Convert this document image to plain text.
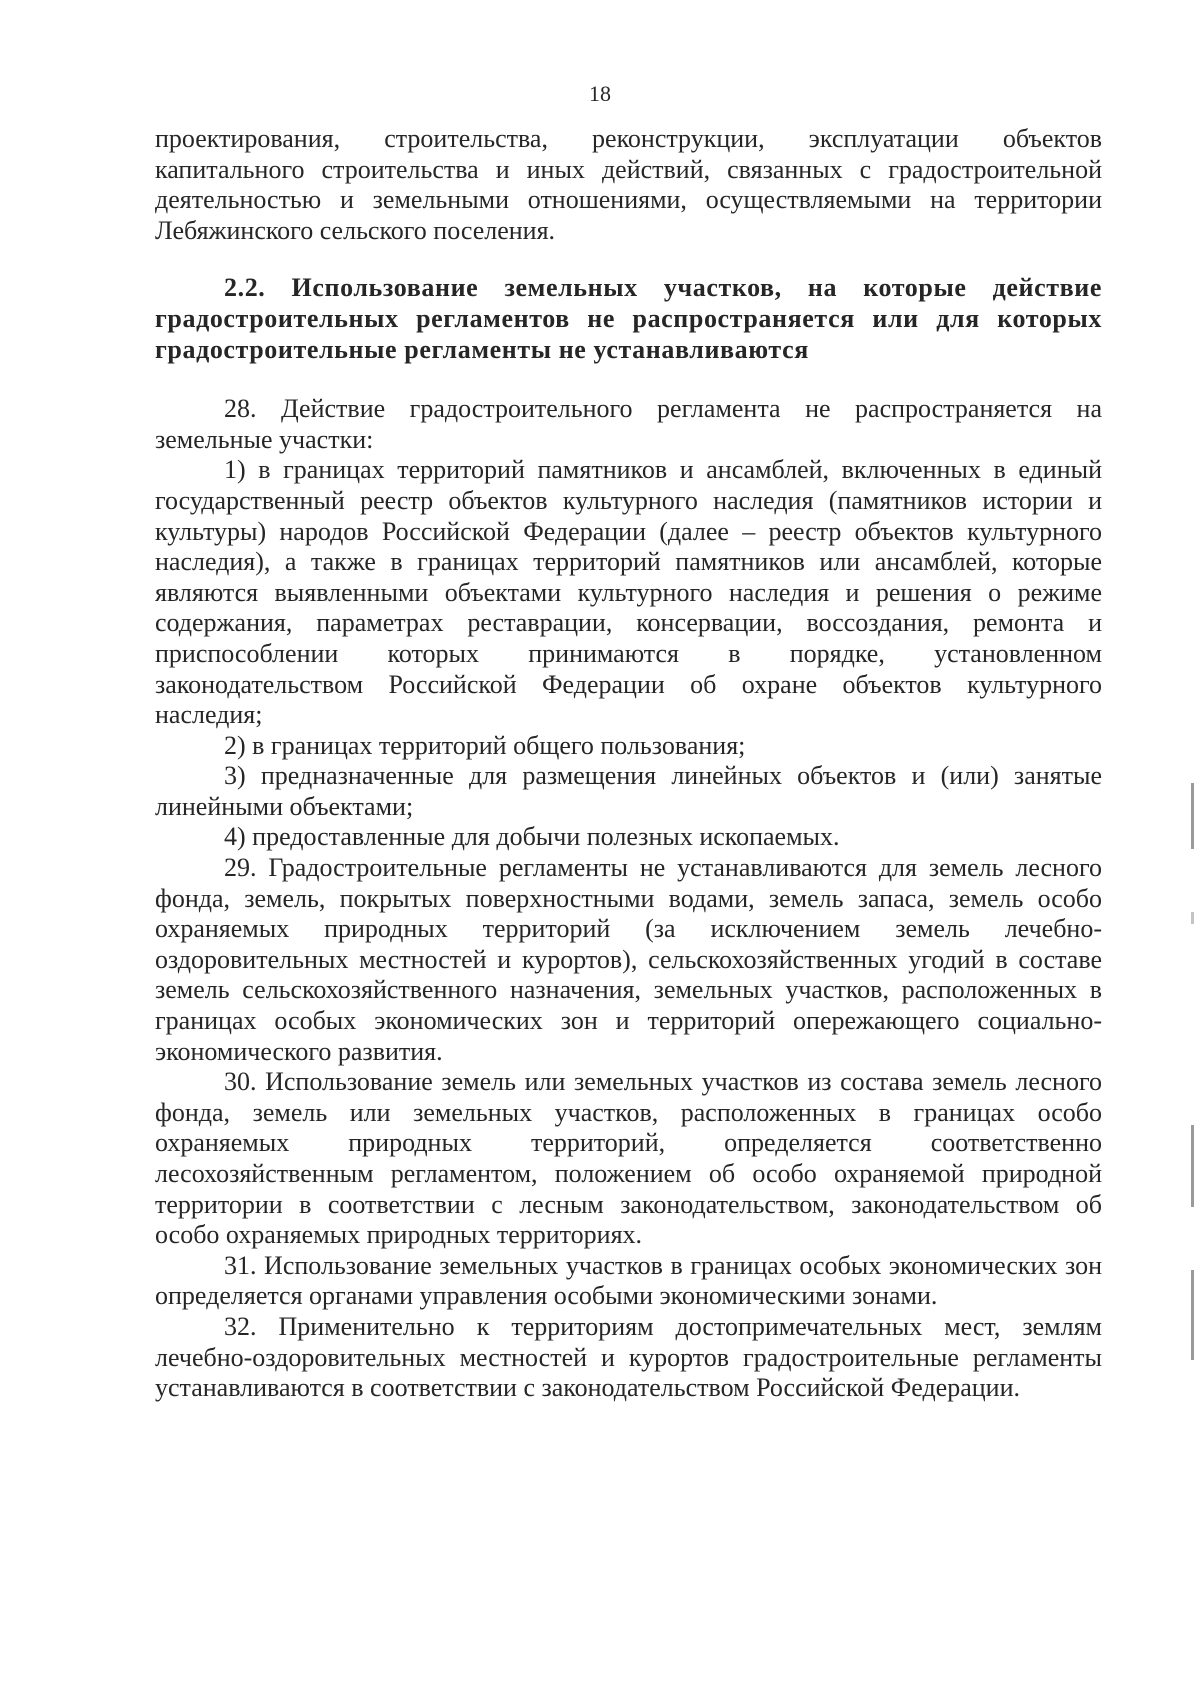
18

проектирования, строительства, реконструкции, эксплуатации объектов капитального строительства и иных действий, связанных с градостроительной деятельностью и земельными отношениями, осуществляемыми на территории Лебяжинского сельского поселения.

2.2. Использование земельных участков, на которые действие градостроительных регламентов не распространяется или для которых градостроительные регламенты не устанавливаются

28. Действие градостроительного регламента не распространяется на земельные участки:

1) в границах территорий памятников и ансамблей, включенных в единый государственный реестр объектов культурного наследия (памятников истории и культуры) народов Российской Федерации (далее – реестр объектов культурного наследия), а также в границах территорий памятников или ансамблей, которые являются выявленными объектами культурного наследия и решения о режиме содержания, параметрах реставрации, консервации, воссоздания, ремонта и приспособлении которых принимаются в порядке, установленном законодательством Российской Федерации об охране объектов культурного наследия;

2) в границах территорий общего пользования;

3) предназначенные для размещения линейных объектов и (или) занятые линейными объектами;

4) предоставленные для добычи полезных ископаемых.

29. Градостроительные регламенты не устанавливаются для земель лесного фонда, земель, покрытых поверхностными водами, земель запаса, земель особо охраняемых природных территорий (за исключением земель лечебно-оздоровительных местностей и курортов), сельскохозяйственных угодий в составе земель сельскохозяйственного назначения, земельных участков, расположенных в границах особых экономических зон и территорий опережающего социально-экономического развития.

30. Использование земель или земельных участков из состава земель лесного фонда, земель или земельных участков, расположенных в границах особо охраняемых природных территорий, определяется соответственно лесохозяйственным регламентом, положением об особо охраняемой природной территории в соответствии с лесным законодательством, законодательством об особо охраняемых природных территориях.

31. Использование земельных участков в границах особых экономических зон определяется органами управления особыми экономическими зонами.

32. Применительно к территориям достопримечательных мест, землям лечебно-оздоровительных местностей и курортов градостроительные регламенты устанавливаются в соответствии с законодательством Российской Федерации.
